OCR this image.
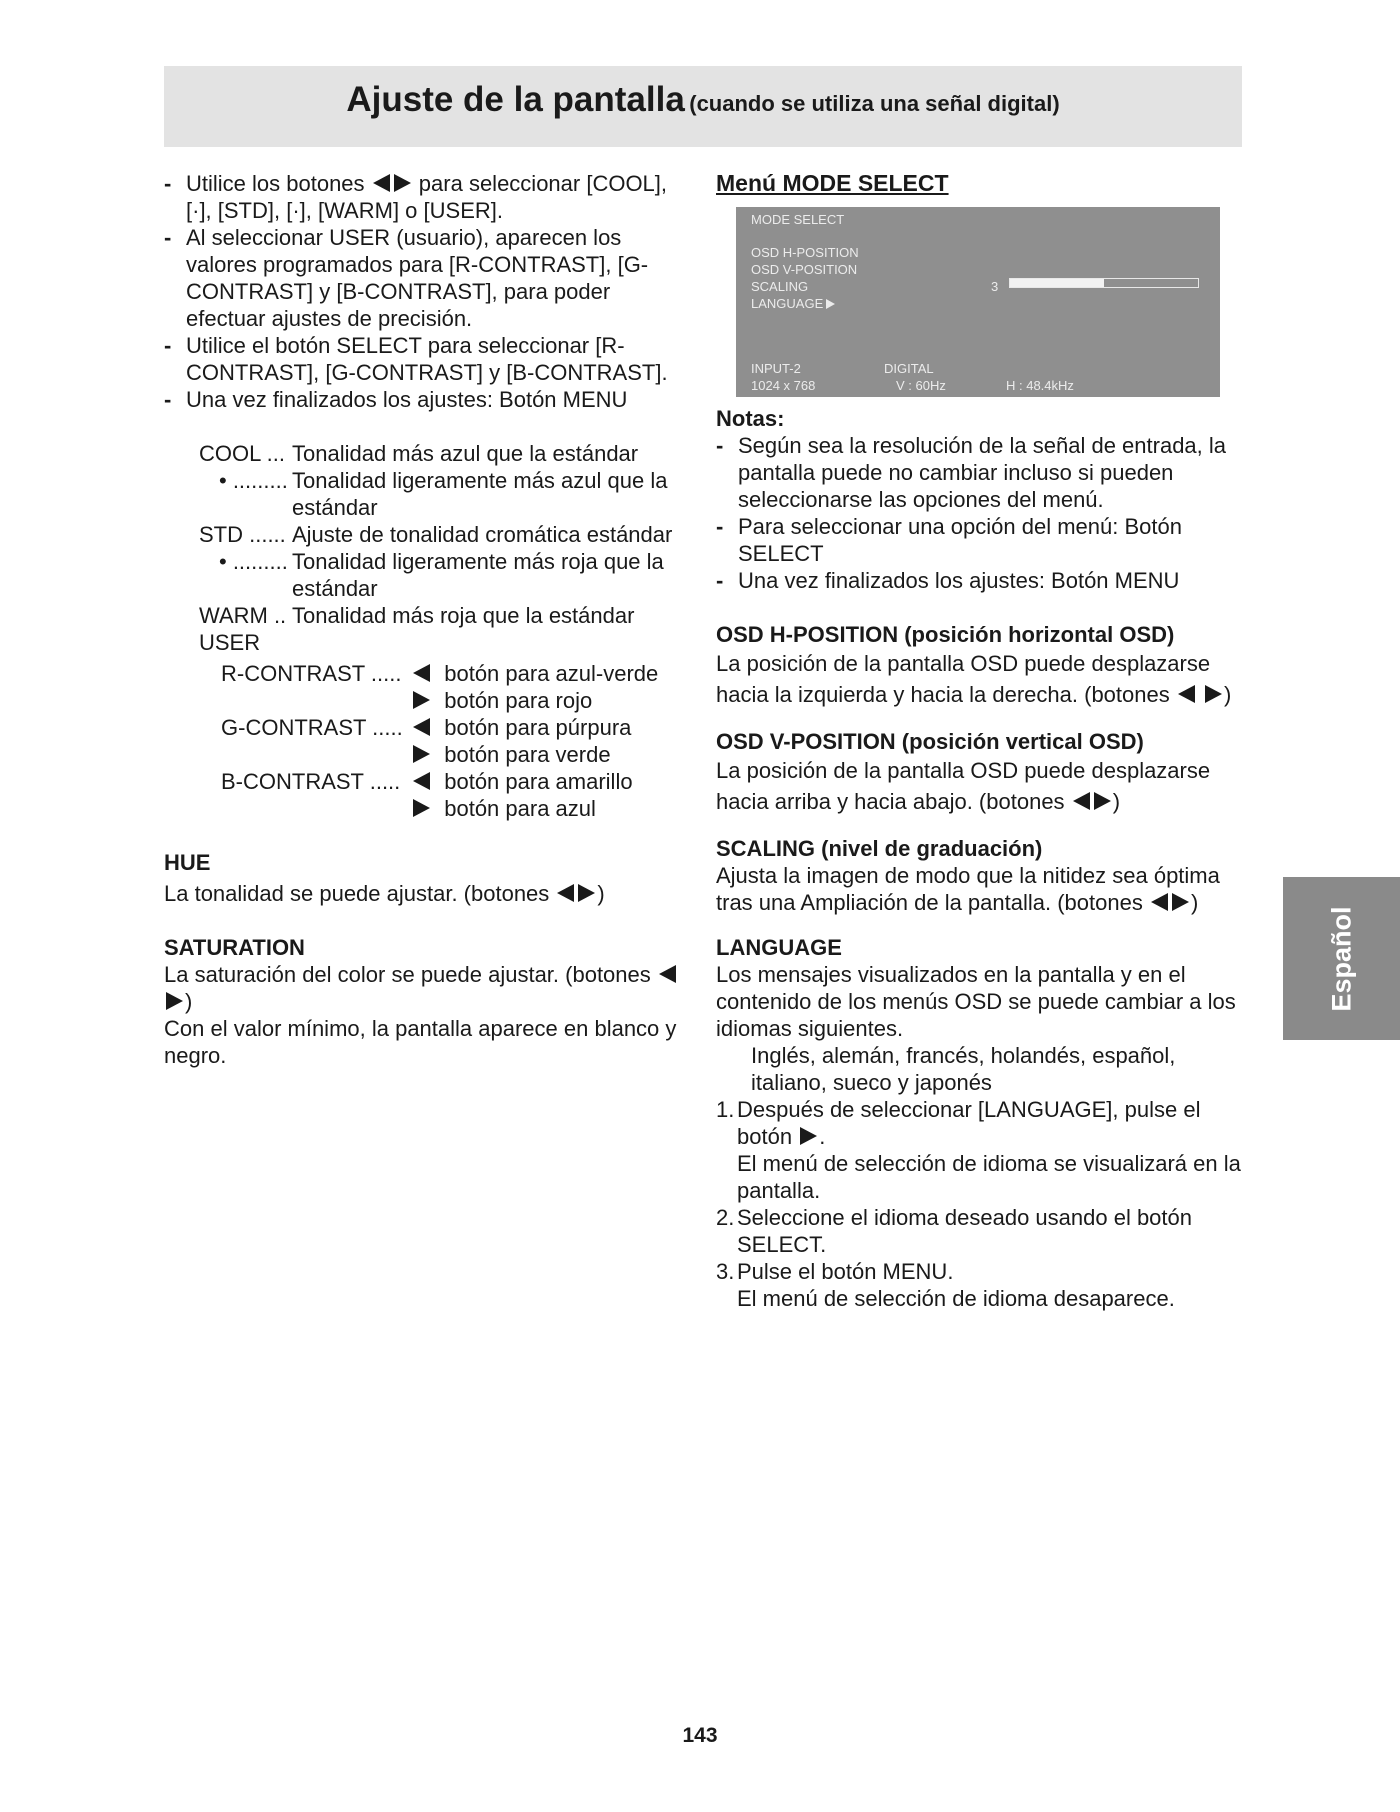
Ajuste de la pantalla (cuando se utiliza una señal digital)
- Utilice los botones para seleccionar [COOL], [·], [STD], [·], [WARM] o [USER].
- Al seleccionar USER (usuario), aparecen los valores programados para [R-CONTRAST], [G-CONTRAST] y [B-CONTRAST], para poder efectuar ajustes de precisión.
- Utilice el botón SELECT para seleccionar [R-CONTRAST], [G-CONTRAST] y [B-CONTRAST].
- Una vez finalizados los ajustes: Botón MENU
COOL ... Tonalidad más azul que la estándar
• ......... Tonalidad ligeramente más azul que la estándar
STD ...... Ajuste de tonalidad cromática estándar
• ......... Tonalidad ligeramente más roja que la estándar
WARM .. Tonalidad más roja que la estándar
USER
R-CONTRAST .....	botón para azul-verde
botón para rojo
G-CONTRAST .....	botón para púrpura
botón para verde
B-CONTRAST .....	botón para amarillo
botón para azul
HUE
La tonalidad se puede ajustar. (botones )
SATURATION
La saturación del color se puede ajustar. (botones )
Con el valor mínimo, la pantalla aparece en blanco y negro.
Menú MODE SELECT
MODE SELECT
OSD H-POSITION
OSD V-POSITION
SCALING
LANGUAGE
3
INPUT-2	DIGITAL
1024 x 768	V : 60Hz	H : 48.4kHz
Notas:
- Según sea la resolución de la señal de entrada, la pantalla puede no cambiar incluso si pueden seleccionarse las opciones del menú.
- Para seleccionar una opción del menú: Botón SELECT
- Una vez finalizados los ajustes: Botón MENU
OSD H-POSITION (posición horizontal OSD)
La posición de la pantalla OSD puede desplazarse hacia la izquierda y hacia la derecha. (botones )
OSD V-POSITION (posición vertical OSD)
La posición de la pantalla OSD puede desplazarse hacia arriba y hacia abajo. (botones )
SCALING (nivel de graduación)
Ajusta la imagen de modo que la nitidez sea óptima tras una Ampliación de la pantalla. (botones )
LANGUAGE
Los mensajes visualizados en la pantalla y en el contenido de los menús OSD se puede cambiar a los idiomas siguientes.
Inglés, alemán, francés, holandés, español, italiano, sueco y japonés
1. Después de seleccionar [LANGUAGE], pulse el botón .
El menú de selección de idioma se visualizará en la pantalla.
2. Seleccione el idioma deseado usando el botón SELECT.
3. Pulse el botón MENU.
El menú de selección de idioma desaparece.
Español
143
